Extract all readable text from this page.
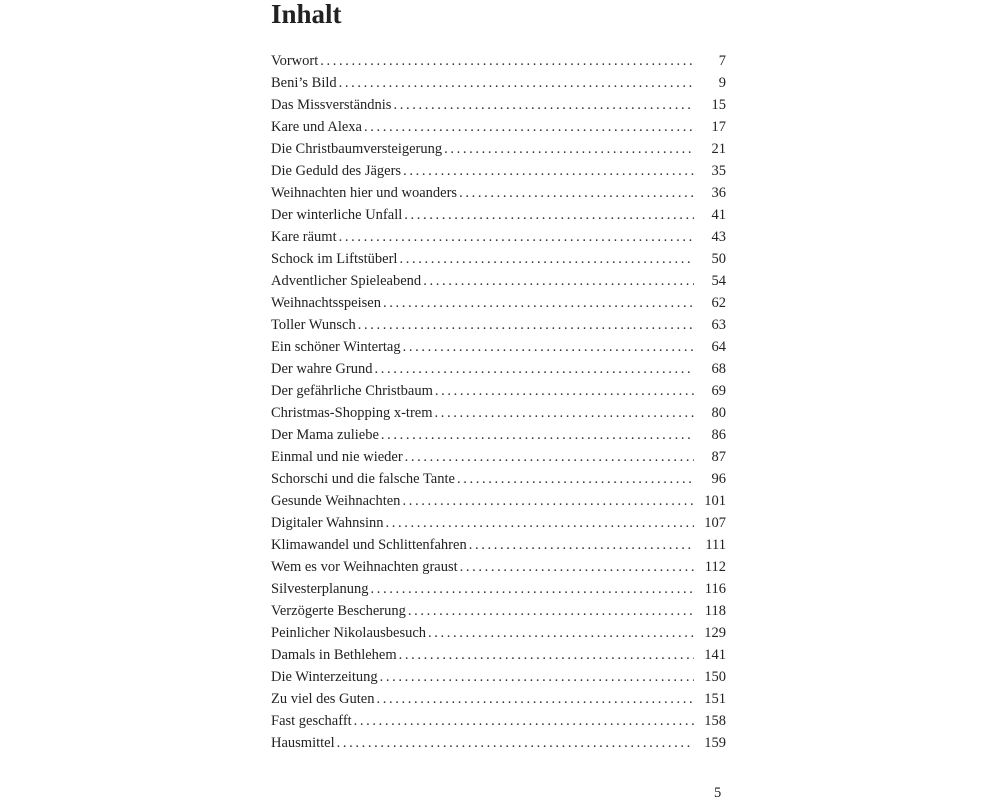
Inhalt
Vorwort . . .	7
Beni’s Bild . . .	9
Das Missverständnis . . .	15
Kare und Alexa . . .	17
Die Christbaumversteigerung . . .	21
Die Geduld des Jägers . . .	35
Weihnachten hier und woanders . . .	36
Der winterliche Unfall . . .	41
Kare räumt . . .	43
Schock im Liftstüberl . . .	50
Adventlicher Spieleabend . . .	54
Weihnachtsspeisen . . .	62
Toller Wunsch . . .	63
Ein schöner Wintertag . . .	64
Der wahre Grund . . .	68
Der gefährliche Christbaum . . .	69
Christmas-Shopping x-trem . . .	80
Der Mama zuliebe . . .	86
Einmal und nie wieder . . .	87
Schorschi und die falsche Tante . . .	96
Gesunde Weihnachten . . .	101
Digitaler Wahnsinn . . .	107
Klimawandel und Schlittenfahren . . .	111
Wem es vor Weihnachten graust . . .	112
Silvesterplanung . . .	116
Verzögerte Bescherung . . .	118
Peinlicher Nikolausbesuch . . .	129
Damals in Bethlehem . . .	141
Die Winterzeitung . . .	150
Zu viel des Guten . . .	151
Fast geschafft . . .	158
Hausmittel . . .	159
5
